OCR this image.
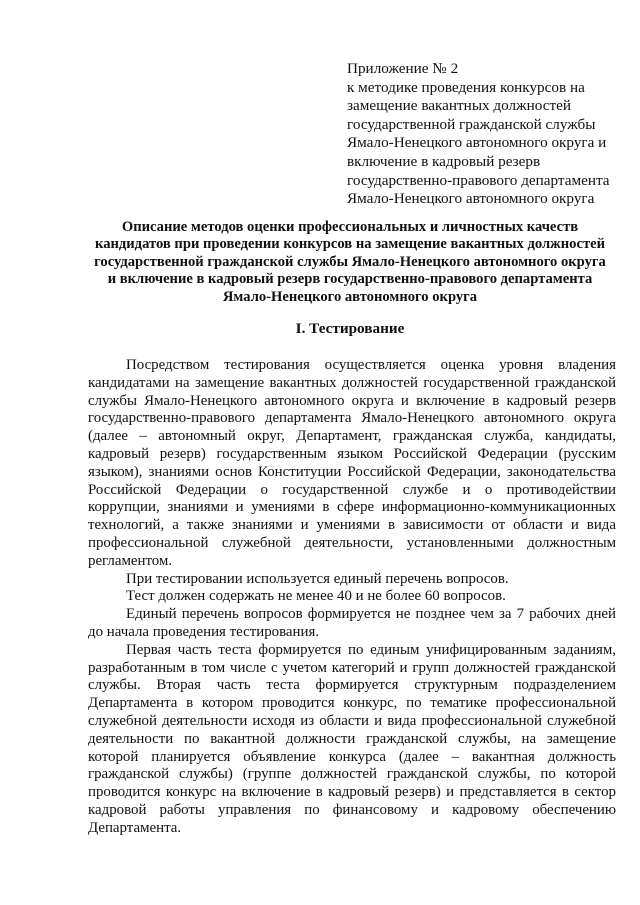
Приложение № 2
к методике проведения конкурсов на
замещение вакантных должностей
государственной гражданской службы
Ямало-Ненецкого автономного округа и
включение в кадровый резерв
государственно-правового департамента
Ямало-Ненецкого автономного округа
Описание методов оценки профессиональных и личностных качеств
кандидатов при проведении конкурсов на замещение вакантных должностей
государственной гражданской службы Ямало-Ненецкого автономного округа
и включение в кадровый резерв государственно-правового департамента
Ямало-Ненецкого автономного округа
I. Тестирование

Посредством тестирования осуществляется оценка уровня владения кандидатами на замещение вакантных должностей государственной гражданской службы Ямало-Ненецкого автономного округа и включение в кадровый резерв государственно-правового департамента Ямало-Ненецкого автономного округа (далее – автономный округ, Департамент, гражданская служба, кандидаты, кадровый резерв) государственным языком Российской Федерации (русским языком), знаниями основ Конституции Российской Федерации, законодательства Российской Федерации о государственной службе и о противодействии коррупции, знаниями и умениями в сфере информационно-коммуникационных технологий, а также знаниями и умениями в зависимости от области и вида профессиональной служебной деятельности, установленными должностным регламентом.

При тестировании используется единый перечень вопросов.

Тест должен содержать не менее 40 и не более 60 вопросов.

Единый перечень вопросов формируется не позднее чем за 7 рабочих дней до начала проведения тестирования.

Первая часть теста формируется по единым унифицированным заданиям, разработанным в том числе с учетом категорий и групп должностей гражданской службы. Вторая часть теста формируется структурным подразделением Департамента в котором проводится конкурс, по тематике профессиональной служебной деятельности исходя из области и вида профессиональной служебной деятельности по вакантной должности гражданской службы, на замещение которой планируется объявление конкурса (далее – вакантная должность гражданской службы) (группе должностей гражданской службы, по которой проводится конкурс на включение в кадровый резерв) и представляется в сектор кадровой работы управления по финансовому и кадровому обеспечению Департамента.
